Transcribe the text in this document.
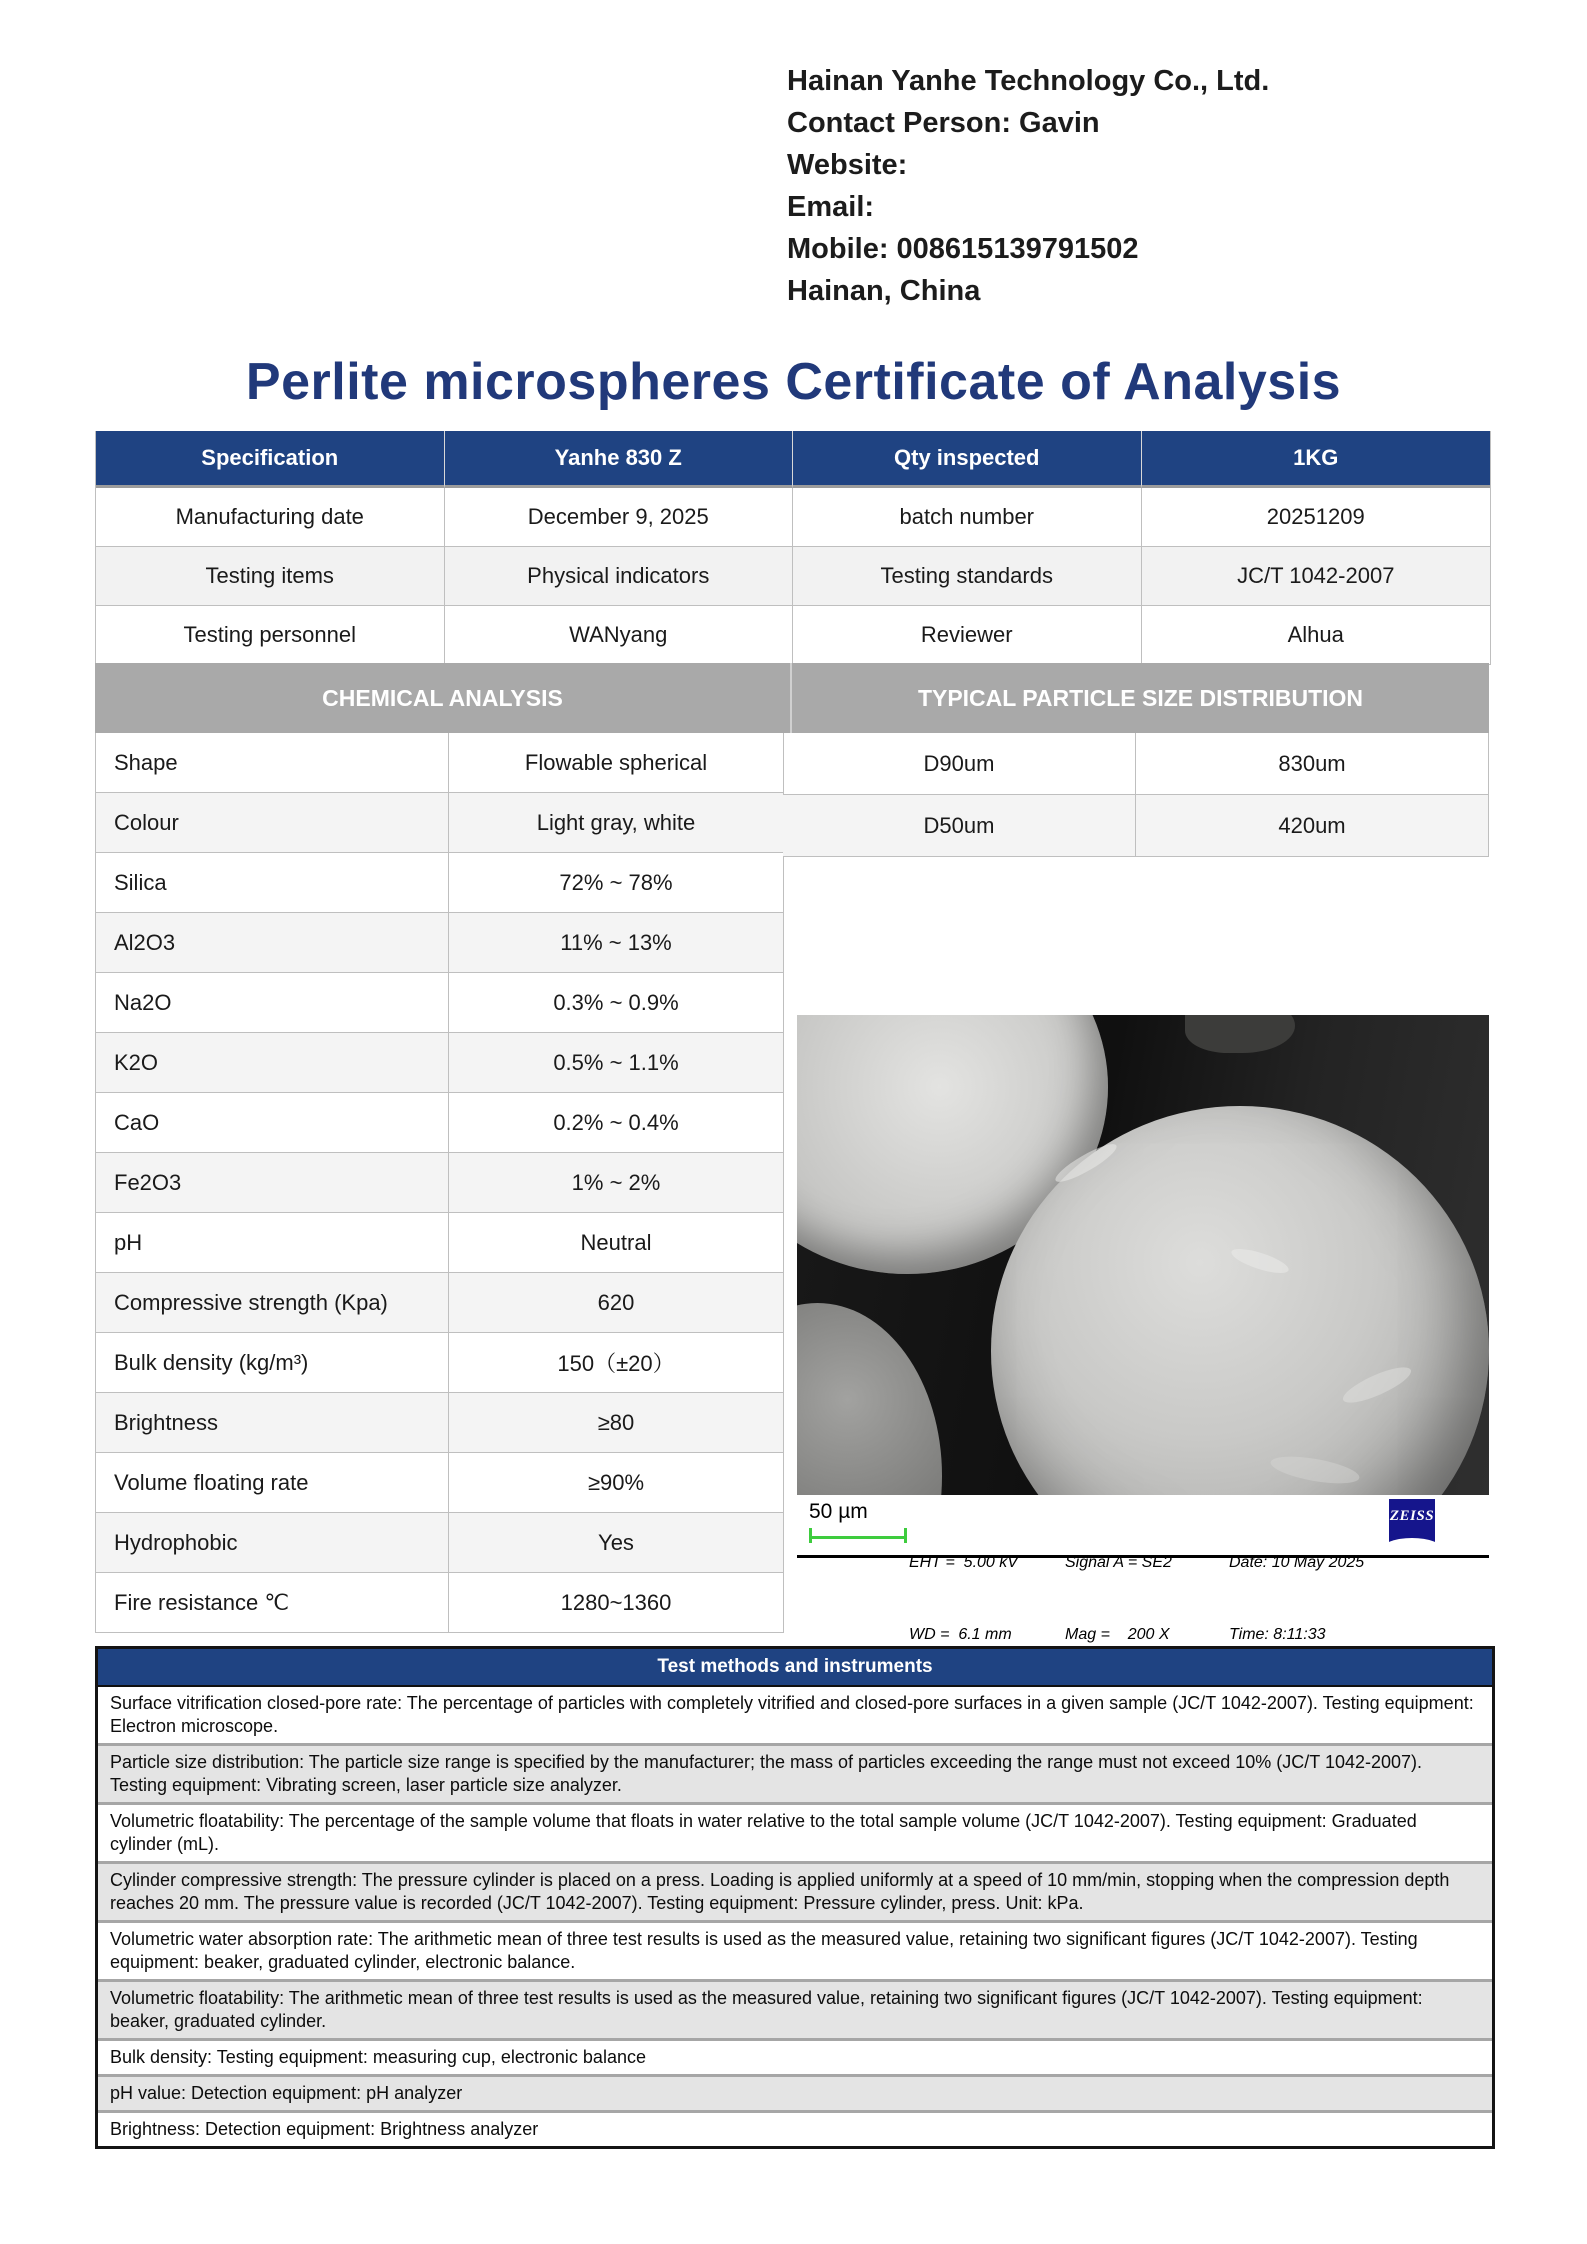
Hainan Yanhe Technology Co., Ltd.
Contact Person: Gavin
Website:
Email:
Mobile: 008615139791502
Hainan, China
Perlite microspheres Certificate of Analysis
Specification	Yanhe 830 Z	Qty inspected	1KG
Manufacturing date	December 9, 2025	batch number	20251209
Testing items	Physical indicators	Testing standards	JC/T 1042-2007
Testing personnel	WANyang	Reviewer	Alhua
CHEMICAL ANALYSIS	TYPICAL PARTICLE SIZE DISTRIBUTION
Shape	Flowable spherical
Colour	Light gray, white
Silica	72% ~ 78%
Al2O3	11% ~ 13%
Na2O	0.3% ~ 0.9%
K2O	0.5% ~ 1.1%
CaO	0.2% ~ 0.4%
Fe2O3	1% ~ 2%
pH	Neutral
Compressive strength (Kpa)	620
Bulk density (kg/m³)	150（±20）
Brightness	≥80
Volume floating rate	≥90%
Hydrophobic	Yes
Fire resistance ℃	1280~1360
D90um	830um
D50um	420um
50 µm

EHT =  5.00 kV

WD =  6.1 mm

Signal A = SE2

Mag =    200 X

Date: 10 May 2025

Time: 8:11:33

ZEISS
Test methods and instruments
Surface vitrification closed-pore rate: The percentage of particles with completely vitrified and closed-pore surfaces in a given sample (JC/T 1042-2007). Testing equipment: Electron microscope.
Particle size distribution: The particle size range is specified by the manufacturer; the mass of particles exceeding the range must not exceed 10% (JC/T 1042-2007). Testing equipment: Vibrating screen, laser particle size analyzer.
Volumetric floatability: The percentage of the sample volume that floats in water relative to the total sample volume (JC/T 1042-2007). Testing equipment: Graduated cylinder (mL).
Cylinder compressive strength: The pressure cylinder is placed on a press. Loading is applied uniformly at a speed of 10 mm/min, stopping when the compression depth reaches 20 mm. The pressure value is recorded (JC/T 1042-2007). Testing equipment: Pressure cylinder, press. Unit: kPa.
Volumetric water absorption rate: The arithmetic mean of three test results is used as the measured value, retaining two significant figures (JC/T 1042-2007). Testing equipment: beaker, graduated cylinder, electronic balance.
Volumetric floatability: The arithmetic mean of three test results is used as the measured value, retaining two significant figures (JC/T 1042-2007). Testing equipment: beaker, graduated cylinder.
Bulk density: Testing equipment: measuring cup, electronic balance
pH value: Detection equipment: pH analyzer
Brightness: Detection equipment: Brightness analyzer
